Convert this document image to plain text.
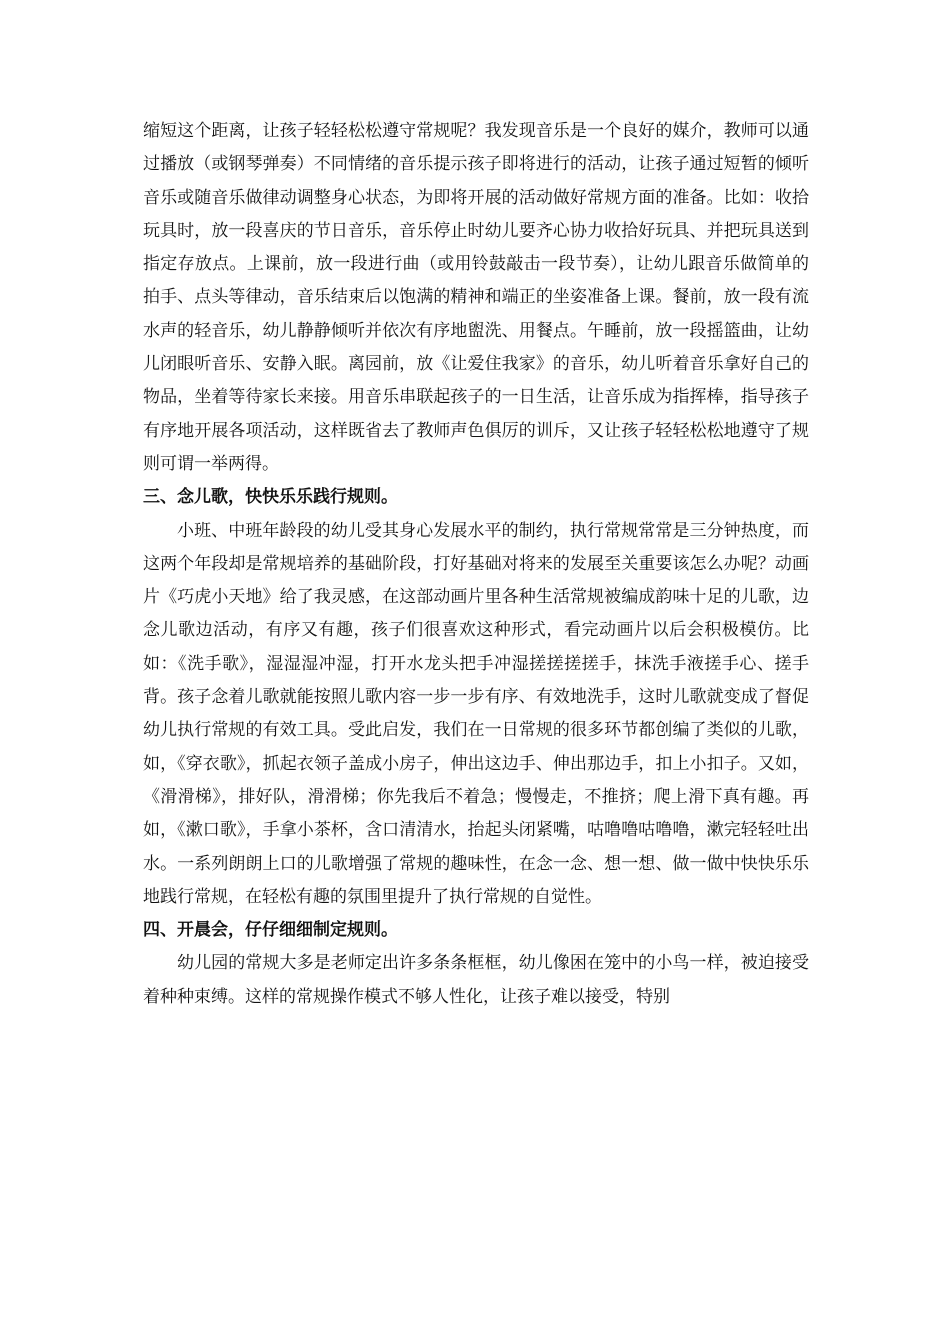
缩短这个距离，让孩子轻轻松松遵守常规呢？我发现音乐是一个良好的媒介，教师可以通过播放（或钢琴弹奏）不同情绪的音乐提示孩子即将进行的活动，让孩子通过短暂的倾听音乐或随音乐做律动调整身心状态，为即将开展的活动做好常规方面的准备。比如：收拾玩具时，放一段喜庆的节日音乐，音乐停止时幼儿要齐心协力收拾好玩具、并把玩具送到指定存放点。上课前，放一段进行曲（或用铃鼓敲击一段节奏），让幼儿跟音乐做简单的拍手、点头等律动，音乐结束后以饱满的精神和端正的坐姿准备上课。餐前，放一段有流水声的轻音乐，幼儿静静倾听并依次有序地盥洗、用餐点。午睡前，放一段摇篮曲，让幼儿闭眼听音乐、安静入眠。离园前，放《让爱住我家》的音乐，幼儿听着音乐拿好自己的物品，坐着等待家长来接。用音乐串联起孩子的一日生活，让音乐成为指挥棒，指导孩子有序地开展各项活动，这样既省去了教师声色俱厉的训斥，又让孩子轻轻松松地遵守了规则可谓一举两得。

三、念儿歌，快快乐乐践行规则。

小班、中班年龄段的幼儿受其身心发展水平的制约，执行常规常常是三分钟热度，而这两个年段却是常规培养的基础阶段，打好基础对将来的发展至关重要该怎么办呢？动画片《巧虎小天地》给了我灵感，在这部动画片里各种生活常规被编成韵味十足的儿歌，边念儿歌边活动，有序又有趣，孩子们很喜欢这种形式，看完动画片以后会积极模仿。比如：《洗手歌》，湿湿湿冲湿，打开水龙头把手冲湿搓搓搓搓手，抹洗手液搓手心、搓手背。孩子念着儿歌就能按照儿歌内容一步一步有序、有效地洗手，这时儿歌就变成了督促幼儿执行常规的有效工具。受此启发，我们在一日常规的很多环节都创编了类似的儿歌，如，《穿衣歌》，抓起衣领子盖成小房子，伸出这边手、伸出那边手，扣上小扣子。又如，《滑滑梯》，排好队，滑滑梯；你先我后不着急；慢慢走，不推挤；爬上滑下真有趣。再如，《漱口歌》，手拿小茶杯，含口清清水，抬起头闭紧嘴，咕噜噜咕噜噜，漱完轻轻吐出水。一系列朗朗上口的儿歌增强了常规的趣味性，在念一念、想一想、做一做中快快乐乐地践行常规，在轻松有趣的氛围里提升了执行常规的自觉性。

四、开晨会，仔仔细细制定规则。

幼儿园的常规大多是老师定出许多条条框框，幼儿像困在笼中的小鸟一样，被迫接受着种种束缚。这样的常规操作模式不够人性化，让孩子难以接受，特别
